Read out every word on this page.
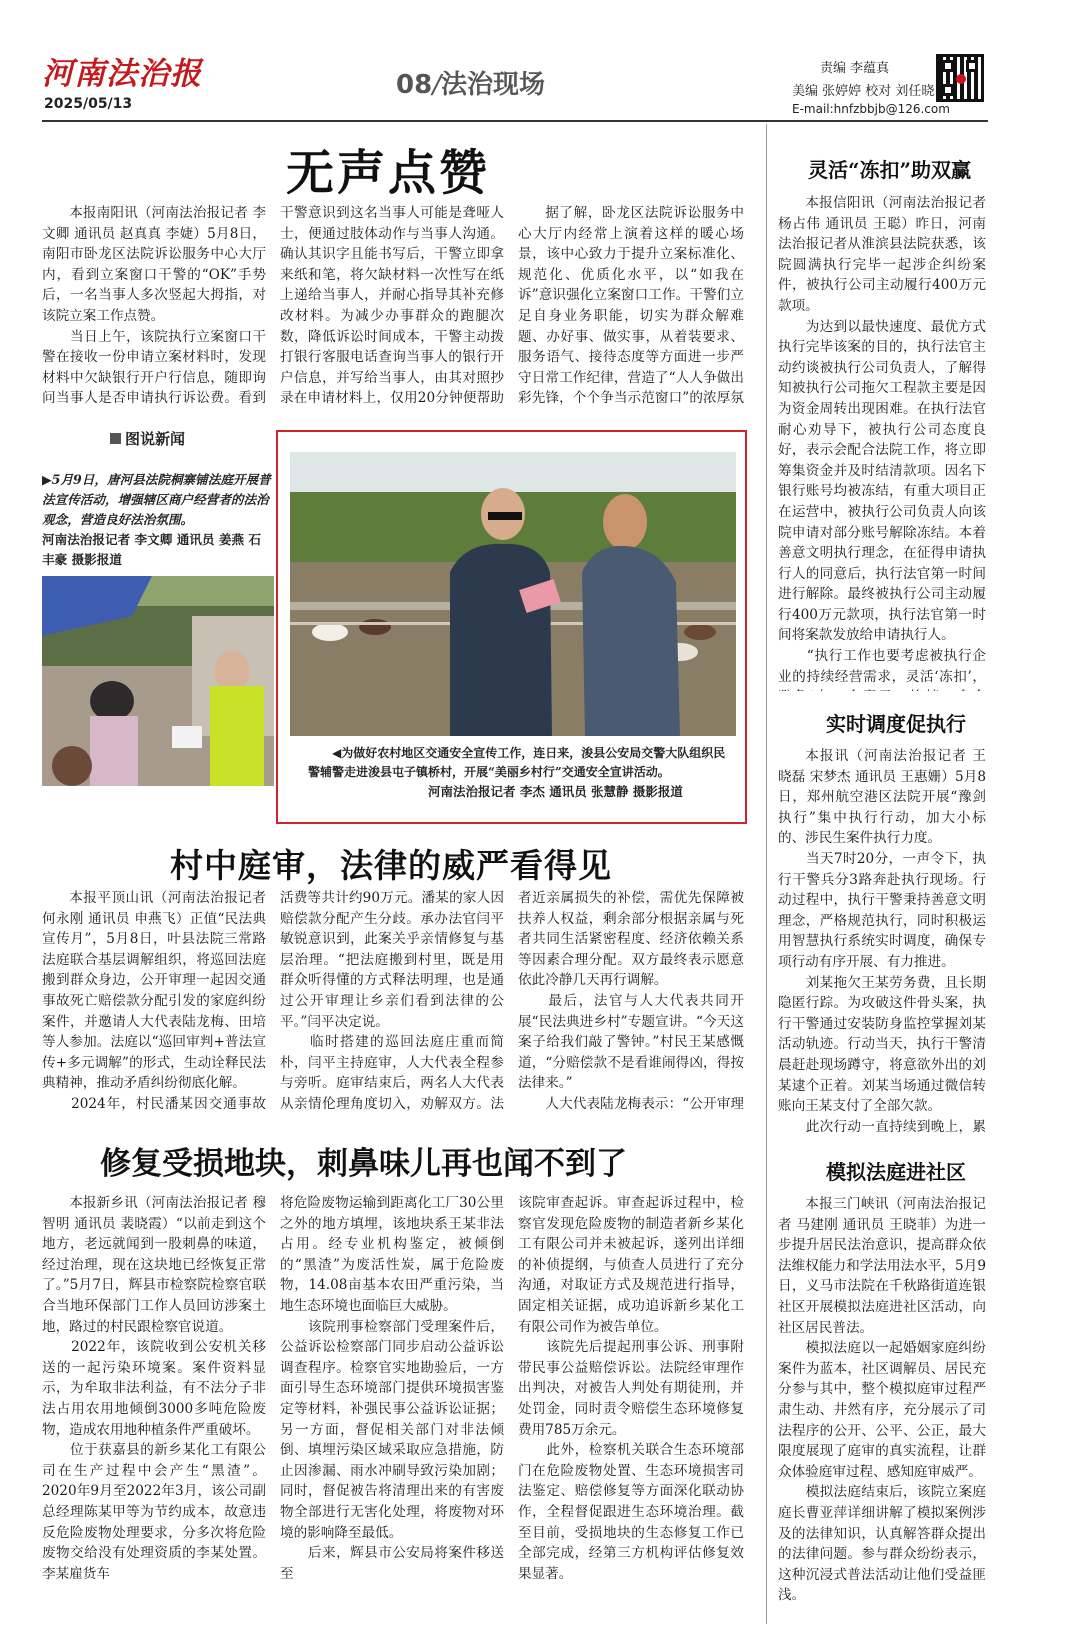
河南法治报
2025/05/13
08/法治现场
责编 李蕴真
美编 张婷婷 校对 刘任晓
E-mail:hnfzbbjb@126.com
无声点赞
本报南阳讯（河南法治报记者 李文卿 通讯员 赵真真 李婕）5月8日，南阳市卧龙区法院诉讼服务中心大厅内，看到立案窗口干警的“OK”手势后，一名当事人多次竖起大拇指，对该院立案工作点赞。
　　当日上午，该院执行立案窗口干警在接收一份申请立案材料时，发现材料中欠缺银行开户行信息，随即询问当事人是否申请执行诉讼费。看到
干警意识到这名当事人可能是聋哑人士，便通过肢体动作与当事人沟通。确认其识字且能书写后，干警立即拿来纸和笔，将欠缺材料一次性写在纸上递给当事人，并耐心指导其补充修改材料。为减少办事群众的跑腿次数，降低诉讼时间成本，干警主动拨打银行客服电话查询当事人的银行开户信息，并写给当事人，由其对照抄录在申请材料上，仅用20分钟便帮助
据了解，卧龙区法院诉讼服务中心大厅内经常上演着这样的暖心场景，该中心致力于提升立案标准化、规范化、优质化水平，以“如我在诉”意识强化立案窗口工作。干警们立足自身业务职能，切实为群众解难题、办好事、做实事，从着装要求、服务语气、接待态度等方面进一步严守日常工作纪律，营造了“人人争做出彩先锋，个个争当示范窗口”的浓厚氛
图说新闻
▶5月9日，唐河县法院桐寨铺法庭开展普法宣传活动，增强辖区商户经营者的法治观念，营造良好法治氛围。
河南法治报记者 李文卿 通讯员 姜燕 石丰豪 摄影报道
◀为做好农村地区交通安全宣传工作，连日来，浚县公安局交警大队组织民警辅警走进浚县屯子镇桥村，开展“美丽乡村行”交通安全宣讲活动。
河南法治报记者 李杰 通讯员 张慧静 摄影报道
村中庭审，法律的威严看得见
本报平顶山讯（河南法治报记者 何永刚 通讯员 申燕飞）正值“民法典宣传月”，5月8日，叶县法院三常路法庭联合基层调解组织，将巡回法庭搬到群众身边，公开审理一起因交通事故死亡赔偿款分配引发的家庭纠纷案件，并邀请人大代表陆龙梅、田培等人参加。法庭以“巡回审判+普法宣传+多元调解”的形式，生动诠释民法典精神，推动矛盾纠纷彻底化解。
　　2024年，村民潘某因交通事故
活费等共计约90万元。潘某的家人因赔偿款分配产生分歧。承办法官闫平敏锐意识到，此案关乎亲情修复与基层治理。“把法庭搬到村里，既是用群众听得懂的方式释法明理，也是通过公开审理让乡亲们看到法律的公平。”闫平决定说。
　　临时搭建的巡回法庭庄重而简朴，闫平主持庭审，人大代表全程参与旁听。庭审结束后，两名人大代表从亲情伦理角度切入，劝解双方。法
者近亲属损失的补偿，需优先保障被扶养人权益，剩余部分根据亲属与死者共同生活紧密程度、经济依赖关系等因素合理分配。双方最终表示愿意依此冷静几天再行调解。
　　最后，法官与人大代表共同开展“民法典进乡村”专题宣讲。“今天这案子给我们敲了警钟。”村民王某感慨道，“分赔偿款不是看谁闹得凶，得按法律来。”
　　人大代表陆龙梅表示：“公开审理
修复受损地块，刺鼻味儿再也闻不到了
本报新乡讯（河南法治报记者 穆智明 通讯员 裴晓霞）“以前走到这个地方，老远就闻到一股刺鼻的味道，经过治理，现在这块地已经恢复正常了。”5月7日，辉县市检察院检察官联合当地环保部门工作人员回访涉案土地，路过的村民跟检察官说道。
　　2022年，该院收到公安机关移送的一起污染环境案。案件资料显示，为牟取非法利益，有不法分子非法占用农用地倾倒3000多吨危险废物，造成农用地种植条件严重破坏。
　　位于获嘉县的新乡某化工有限公司在生产过程中会产生“黑渣”。2020年9月至2022年3月，该公司副总经理陈某甲等为节约成本，故意违反危险废物处理要求，分多次将危险废物交给没有处理资质的李某处置。李某雇货车
将危险废物运输到距离化工厂30公里之外的地方填埋，该地块系王某非法占用。经专业机构鉴定，被倾倒的“黑渣”为废活性炭，属于危险废物，14.08亩基本农田严重污染，当地生态环境也面临巨大威胁。
　　该院刑事检察部门受理案件后，公益诉讼检察部门同步启动公益诉讼调查程序。检察官实地勘验后，一方面引导生态环境部门提供环境损害鉴定等材料，补强民事公益诉讼证据；另一方面，督促相关部门对非法倾倒、填埋污染区域采取应急措施，防止因渗漏、雨水冲刷导致污染加剧；同时，督促被告将清理出来的有害废物全部进行无害化处理，将废物对环境的影响降至最低。
　　后来，辉县市公安局将案件移送至
该院审查起诉。审查起诉过程中，检察官发现危险废物的制造者新乡某化工有限公司并未被起诉，遂列出详细的补侦提纲，与侦查人员进行了充分沟通，对取证方式及规范进行指导，固定相关证据，成功追诉新乡某化工有限公司作为被告单位。
　　该院先后提起刑事公诉、刑事附带民事公益赔偿诉讼。法院经审理作出判决，对被告人判处有期徒刑，并处罚金，同时责令赔偿生态环境修复费用785万余元。
　　此外，检察机关联合生态环境部门在危险废物处置、生态环境损害司法鉴定、赔偿修复等方面深化联动协作，全程督促跟进生态环境治理。截至目前，受损地块的生态修复工作已全部完成，经第三方机构评估修复效果显著。
灵活“冻扣”助双赢
本报信阳讯（河南法治报记者 杨占伟 通讯员 王聪）昨日，河南法治报记者从淮滨县法院获悉，该院圆满执行完毕一起涉企纠纷案件，被执行公司主动履行400万元款项。
　　为达到以最快速度、最优方式执行完毕该案的目的，执行法官主动约谈被执行公司负责人，了解得知被执行公司拖欠工程款主要是因为资金周转出现困难。在执行法官耐心劝导下，被执行公司态度良好，表示会配合法院工作，将立即筹集资金并及时结清款项。因名下银行账号均被冻结，有重大项目正在运营中，被执行公司负责人向该院申请对部分账号解除冻结。本着善意文明执行理念，在征得申请执行人的同意后，执行法官第一时间进行解除。最终被执行公司主动履行400万元款项，执行法官第一时间将案款发放给申请执行人。
　　“执行工作也要考虑被执行企业的持续经营需求，灵活‘冻扣’，

实时调度促执行
本报讯（河南法治报记者 王晓磊 宋梦杰 通讯员 王惠姗）5月8日，郑州航空港区法院开展“豫剑执行”集中执行行动，加大小标的、涉民生案件执行力度。
　　当天7时20分，一声令下，执行干警兵分3路奔赴执行现场。行动过程中，执行干警秉持善意文明理念，严格规范执行，同时积极运用智慧执行系统实时调度，确保专项行动有序开展、有力推进。
　　刘某拖欠王某劳务费，且长期隐匿行踪。为攻破这件骨头案，执行干警通过安装防身监控掌握刘某活动轨迹。行动当天，执行干警清晨赶赴现场蹲守，将意欲外出的刘某逮个正着。刘某当场通过微信转账向王某支付了全部欠款。
　　此次行动一直持续到晚上，累
模拟法庭进社区
本报三门峡讯（河南法治报记者 马建刚 通讯员 王晓菲）为进一步提升居民法治意识，提高群众依法维权能力和学法用法水平，5月9日，义马市法院在千秋路街道连银社区开展模拟法庭进社区活动，向社区居民普法。
　　模拟法庭以一起婚姻家庭纠纷案件为蓝本，社区调解员、居民充分参与其中，整个模拟庭审过程严肃生动、井然有序，充分展示了司法程序的公开、公平、公正，最大限度展现了庭审的真实流程，让群众体验庭审过程、感知庭审威严。
　　模拟法庭结束后，该院立案庭庭长曹亚萍详细讲解了模拟案例涉及的法律知识，认真解答群众提出的法律问题。参与群众纷纷表示，这种沉浸式普法活动让他们受益匪浅。
